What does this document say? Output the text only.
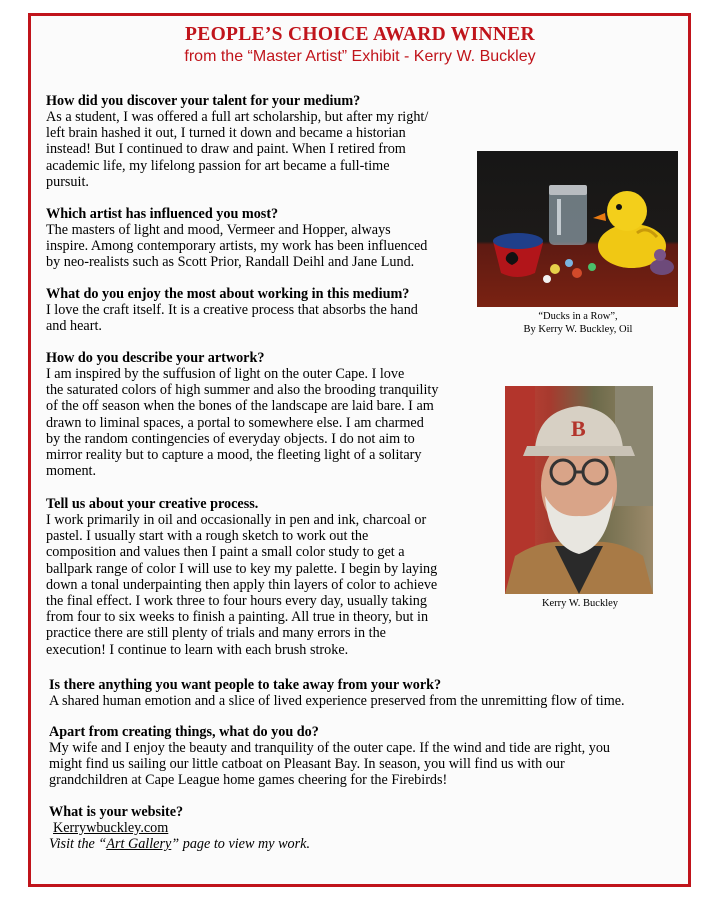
PEOPLE’S CHOICE AWARD WINNER
from the “Master Artist” Exhibit - Kerry W. Buckley

How did you discover your talent for your medium?

As a student, I was offered a full art scholarship, but after my right/

left brain hashed it out, I turned it down and became a historian

instead! But I continued to draw and paint. When I retired from

academic life, my lifelong passion for art became a full-time

pursuit.

Which artist has influenced you most?

The masters of light and mood, Vermeer and Hopper, always

inspire. Among contemporary artists, my work has been influenced

by neo-realists such as Scott Prior, Randall Deihl and Jane Lund.

What do you enjoy the most about working in this medium?

I love the craft itself. It is a creative process that absorbs the hand

and heart.

How do you describe your artwork?

I am inspired by the suffusion of light on the outer Cape. I love

the saturated colors of high summer and also the brooding tranquility

of the off season when the bones of the landscape are laid bare. I am

drawn to liminal spaces, a portal to somewhere else. I am charmed

by the random contingencies of everyday objects. I do not aim to

mirror reality but to capture a mood, the fleeting light of a solitary

moment.

Tell us about your creative process.

I work primarily in oil and occasionally in pen and ink, charcoal or

pastel. I usually start with a rough sketch to work out the

composition and values then I paint a small color study to get a

ballpark range of color I will use to key my palette. I begin by laying

down a tonal underpainting then apply thin layers of color to achieve

the final effect. I work three to four hours every day, usually taking

from four to six weeks to finish a painting. All true in theory, but in

practice there are still plenty of trials and many errors in the

execution! I continue to learn with each brush stroke.

Is there anything you want people to take away from your work?

A shared human emotion and a slice of lived experience preserved from the unremitting flow of time.

Apart from creating things, what do you do?

My wife and I enjoy the beauty and tranquility of the outer cape. If the wind and tide are right, you

might find us sailing our little catboat on Pleasant Bay. In season, you will find us with our

grandchildren at Cape League home games cheering for the Firebirds!

What is your website?

Kerrywbuckley.com

Visit the “Art Gallery” page to view my work.

“Ducks in a Row”,
By Kerry W. Buckley, Oil
B
Kerry W. Buckley
